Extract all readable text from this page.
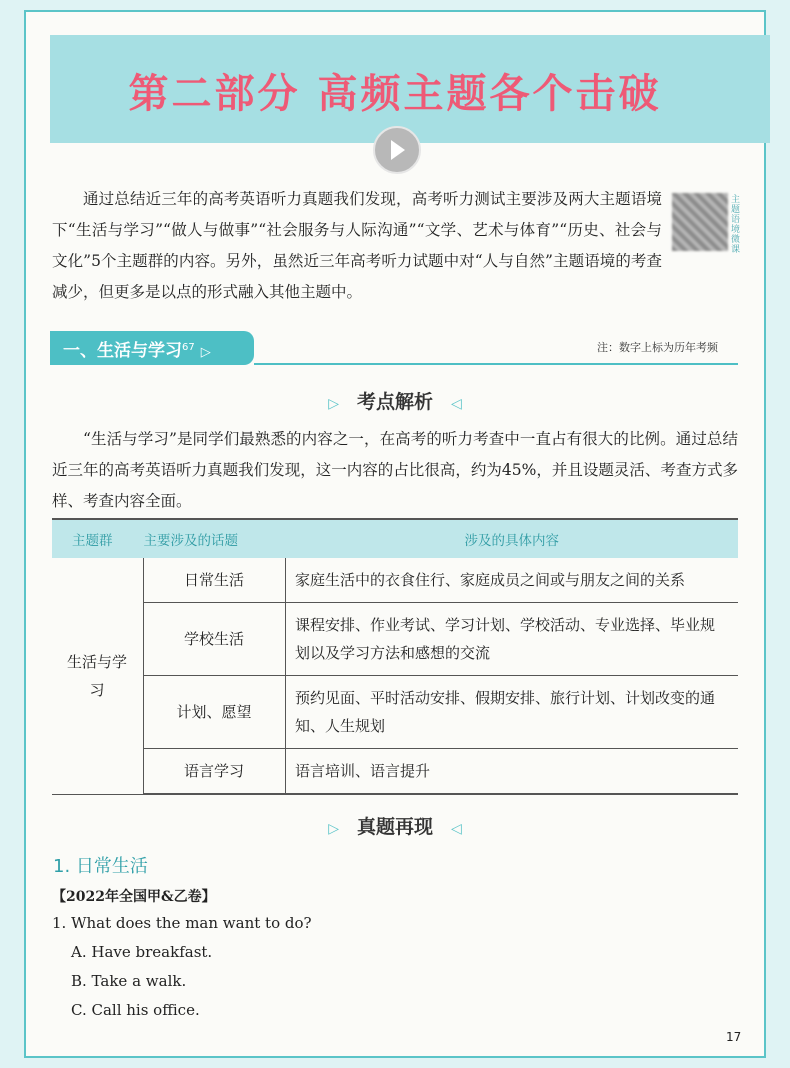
第二部分 高频主题各个击破
通过总结近三年的高考英语听力真题我们发现，高考听力测试主要涉及两大主题语境下“生活与学习”“做人与做事”“社会服务与人际沟通”“文学、艺术与体育”“历史、社会与文化”5个主题群的内容。另外，虽然近三年高考听力试题中对“人与自然”主题语境的考查减少，但更多是以点的形式融入其他主题中。
主题语境微课
一、生活与学习$^{67}$ ▷	注：数字上标为历年考频
▷ 考点解析 ◁
“生活与学习”是同学们最熟悉的内容之一，在高考的听力考查中一直占有很大的比例。通过总结近三年的高考英语听力真题我们发现，这一内容的占比很高，约为45%，并且设题灵活、考查方式多样、考查内容全面。
主题群	主要涉及的话题	涉及的具体内容
生活与学习	日常生活	家庭生活中的衣食住行、家庭成员之间或与朋友之间的关系
	学校生活	课程安排、作业考试、学习计划、学校活动、专业选择、毕业规划以及学习方法和感想的交流
	计划、愿望	预约见面、平时活动安排、假期安排、旅行计划、计划改变的通知、人生规划
	语言学习	语言培训、语言提升
▷ 真题再现 ◁
1. 日常生活
【2022年全国甲&乙卷】
1. What does the man want to do?
A. Have breakfast.
B. Take a walk.
C. Call his office.
17
